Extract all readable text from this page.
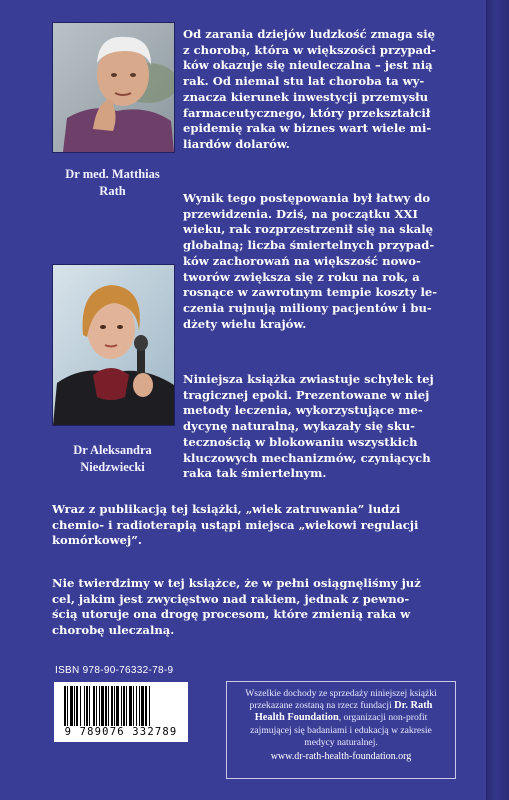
Dr med. Matthias
Rath
Dr Aleksandra
Niedzwiecki
Od zarania dziejów ludzkość zmaga się
z chorobą, która w większości przypad-
ków okazuje się nieuleczalna – jest nią
rak. Od niemal stu lat choroba ta wy-
znacza kierunek inwestycji przemysłu
farmaceutycznego, który przekształcił
epidemię raka w biznes wart wiele mi-
liardów dolarów.
Wynik tego postępowania był łatwy do
przewidzenia. Dziś, na początku XXI
wieku, rak rozprzestrzenił się na skalę
globalną; liczba śmiertelnych przypad-
ków zachorowań na większość nowo-
tworów zwiększa się z roku na rok, a
rosnące w zawrotnym tempie koszty le-
czenia rujnują miliony pacjentów i bu-
dżety wielu krajów.
Niniejsza książka zwiastuje schyłek tej
tragicznej epoki. Prezentowane w niej
metody leczenia, wykorzystujące me-
dycynę naturalną, wykazały się sku-
tecznością w blokowaniu wszystkich
kluczowych mechanizmów, czyniących
raka tak śmiertelnym.
Wraz z publikacją tej książki, „wiek zatruwania” ludzi
chemio- i radioterapią ustąpi miejsca „wiekowi regulacji
komórkowej”.
Nie twierdzimy w tej książce, że w pełni osiągnęliśmy już
cel, jakim jest zwycięstwo nad rakiem, jednak z pewno-
ścią utoruje ona drogę procesom, które zmienią raka w
chorobę uleczalną.
ISBN 978-90-76332-78-9
9 789076 332789
Wszelkie dochody ze sprzedaży niniejszej książki
przekazane zostaną na rzecz fundacji Dr. Rath
Health Foundation, organizacji non-profit
zajmującej się badaniami i edukacją w zakresie
medycy naturalnej.
www.dr-rath-health-foundation.org
